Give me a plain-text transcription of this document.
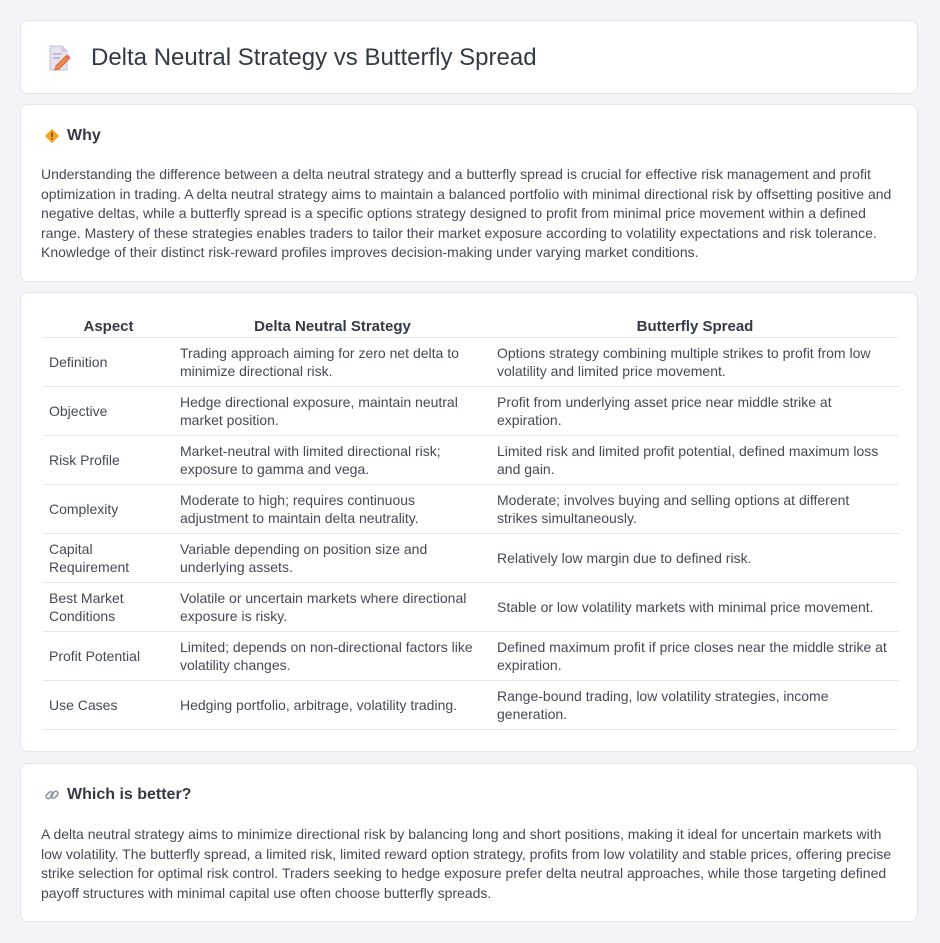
Delta Neutral Strategy vs Butterfly Spread
Why

Understanding the difference between a delta neutral strategy and a butterfly spread is crucial for effective risk management and profit optimization in trading. A delta neutral strategy aims to maintain a balanced portfolio with minimal directional risk by offsetting positive and negative deltas, while a butterfly spread is a specific options strategy designed to profit from minimal price movement within a defined range. Mastery of these strategies enables traders to tailor their market exposure according to volatility expectations and risk tolerance. Knowledge of their distinct risk-reward profiles improves decision-making under varying market conditions.

Aspect	Delta Neutral Strategy	Butterfly Spread
Definition	Trading approach aiming for zero net delta to minimize directional risk.	Options strategy combining multiple strikes to profit from low volatility and limited price movement.
Objective	Hedge directional exposure, maintain neutral market position.	Profit from underlying asset price near middle strike at expiration.
Risk Profile	Market-neutral with limited directional risk; exposure to gamma and vega.	Limited risk and limited profit potential, defined maximum loss and gain.
Complexity	Moderate to high; requires continuous adjustment to maintain delta neutrality.	Moderate; involves buying and selling options at different strikes simultaneously.
Capital Requirement	Variable depending on position size and underlying assets.	Relatively low margin due to defined risk.
Best Market Conditions	Volatile or uncertain markets where directional exposure is risky.	Stable or low volatility markets with minimal price movement.
Profit Potential	Limited; depends on non-directional factors like volatility changes.	Defined maximum profit if price closes near the middle strike at expiration.
Use Cases	Hedging portfolio, arbitrage, volatility trading.	Range-bound trading, low volatility strategies, income generation.
Which is better?

A delta neutral strategy aims to minimize directional risk by balancing long and short positions, making it ideal for uncertain markets with low volatility. The butterfly spread, a limited risk, limited reward option strategy, profits from low volatility and stable prices, offering precise strike selection for optimal risk control. Traders seeking to hedge exposure prefer delta neutral approaches, while those targeting defined payoff structures with minimal capital use often choose butterfly spreads.
